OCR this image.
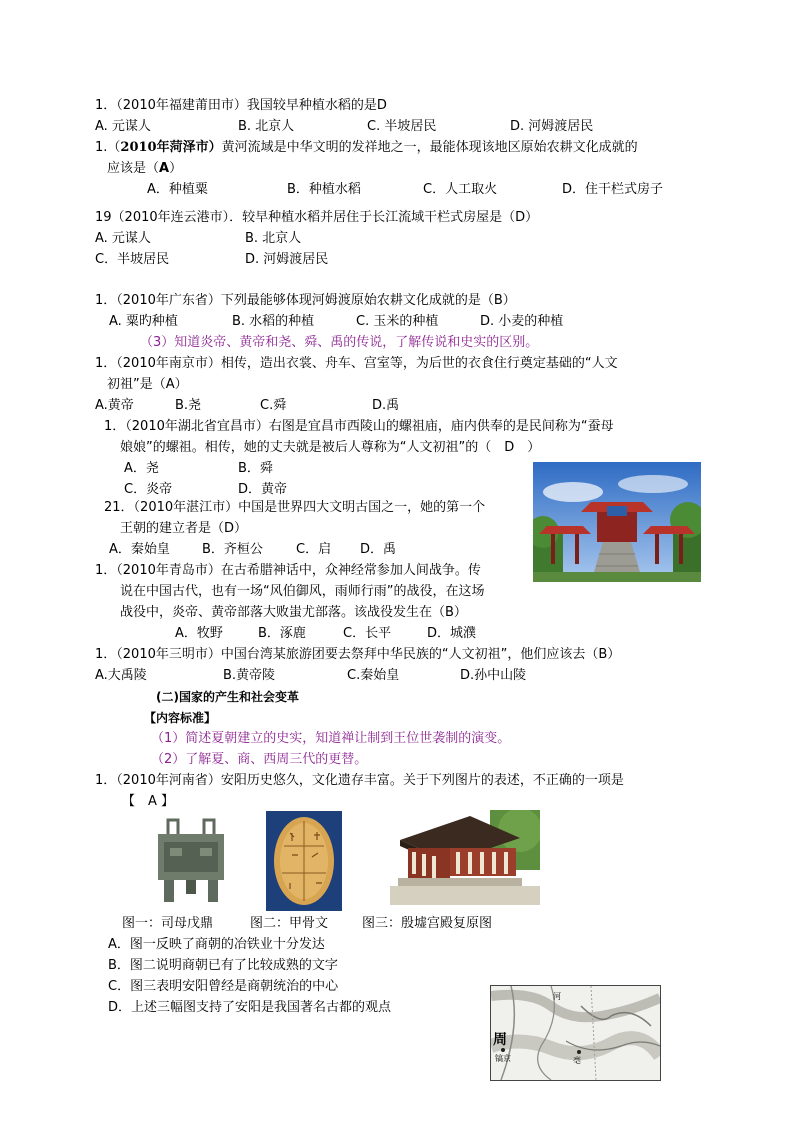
1．（2010年福建莆田市）我国较早种植水稻的是D
A. 元谋人	B. 北京人	C. 半坡居民	D. 河姆渡居民
1.（2010年菏泽市）黄河流域是中华文明的发祥地之一，最能体现该地区原始农耕文化成就的
应该是（A）
A．种植粟	B．种植水稻	C．人工取火	D．住干栏式房子
19（2010年连云港市）．较早种植水稻并居住于长江流域干栏式房屋是（D）
A. 元谋人	B. 北京人
C．半坡居民	D. 河姆渡居民
1．（2010年广东省）下列最能够体现河姆渡原始农耕文化成就的是（B）
A. 粟旳种植	B. 水稻的种植	C. 玉米的种植	D. 小麦的种植
（3）知道炎帝、黄帝和尧、舜、禹的传说，了解传说和史实的区别。
1．（2010年南京市）相传，造出衣裳、舟车、宫室等，为后世的衣食住行奠定基础的“人文
初祖”是（A）
A.黄帝	B.尧	C.舜	D.禹
1．（2010年湖北省宜昌市）右图是宜昌市西陵山的螺祖庙，庙内供奉的是民间称为“蚕母
娘娘”的螺祖。相传，她的丈夫就是被后人尊称为“人文初祖”的（　D　）
A．尧	B．舜
C．炎帝	D．黄帝
21．（2010年湛江市）中国是世界四大文明古国之一，她的第一个
王朝的建立者是（D）
A．秦始皇 B．齐桓公	C．启 D．禹
1．（2010年青岛市）在古希腊神话中，众神经常参加人间战争。传
说在中国古代，也有一场“风伯御风，雨师行雨”的战役，在这场
战役中，炎帝、黄帝部落大败蚩尤部落。该战役发生在（B）
A．牧野	B．涿鹿	C．长平	D．城濮
1．（2010年三明市）中国台湾某旅游团要去祭拜中华民族的“人文初祖”，他们应该去（B）
A.大禹陵	B.黄帝陵	C.秦始皇	D.孙中山陵
(二)国家的产生和社会变革
【内容标准】
（1）简述夏朝建立的史实，知道禅让制到王位世袭制的演变。
（2）了解夏、商、西周三代的更替。
1．（2010年河南省）安阳历史悠久，文化遗存丰富。关于下列图片的表述，不正确的一项是
【　A 】
图一：司母戊鼎	图二：甲骨文	图三：殷墟宫殿复原图
A．图一反映了商朝的冶铁业十分发达
B．图二说明商朝已有了比较成熟的文字
C．图三表明安阳曾经是商朝统治的中心
D．上述三幅图支持了安阳是我国著名古都的观点
周
镐京	亳
河
